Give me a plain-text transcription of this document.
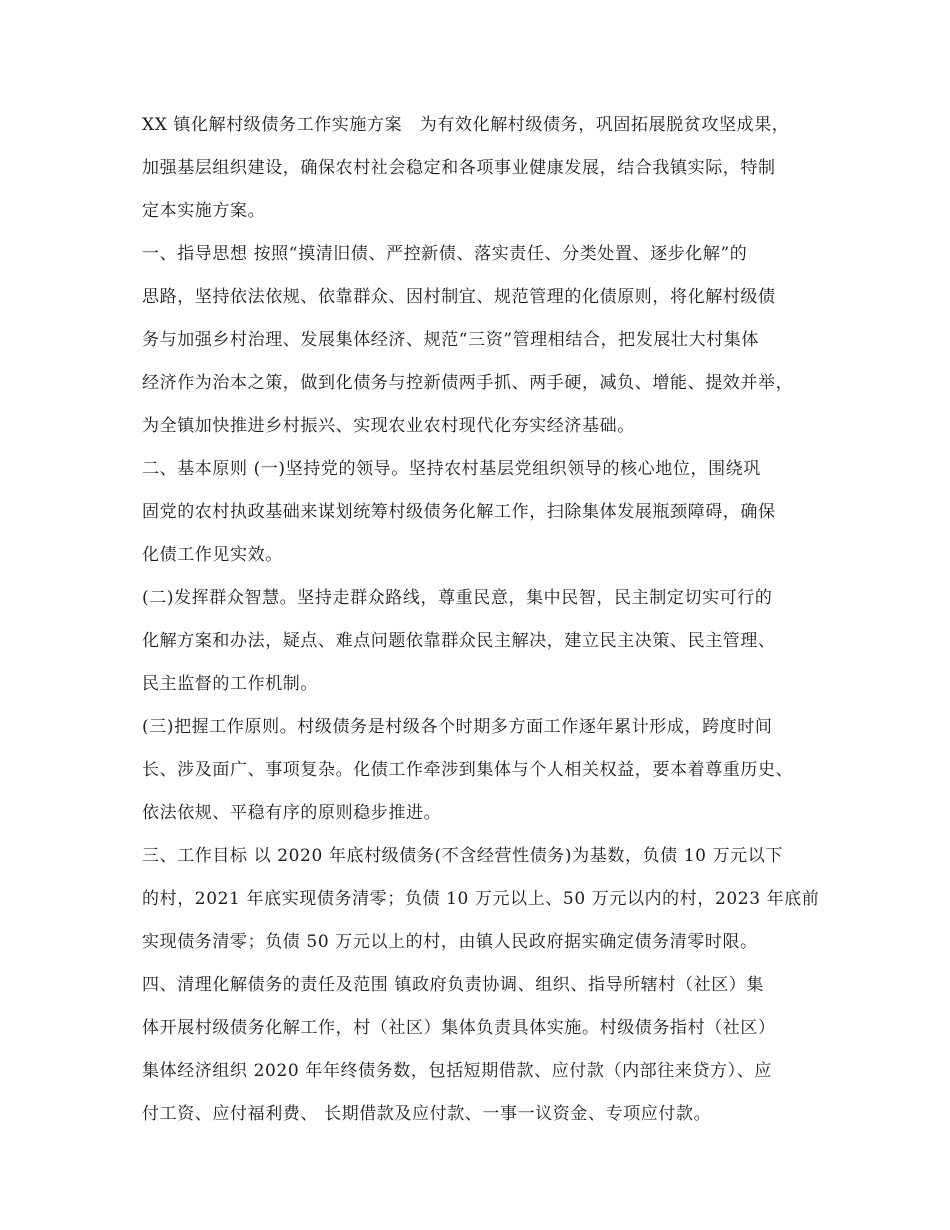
XX 镇化解村级债务工作实施方案　为有效化解村级债务，巩固拓展脱贫攻坚成果，
加强基层组织建设，确保农村社会稳定和各项事业健康发展，结合我镇实际，特制
定本实施方案。
一、指导思想 按照“摸清旧债、严控新债、落实责任、分类处置、逐步化解”的
思路，坚持依法依规、依靠群众、因村制宜、规范管理的化债原则，将化解村级债
务与加强乡村治理、发展集体经济、规范“三资”管理相结合，把发展壮大村集体
经济作为治本之策，做到化债务与控新债两手抓、两手硬，减负、增能、提效并举，
为全镇加快推进乡村振兴、实现农业农村现代化夯实经济基础。
二、基本原则 (一)坚持党的领导。坚持农村基层党组织领导的核心地位，围绕巩
固党的农村执政基础来谋划统筹村级债务化解工作，扫除集体发展瓶颈障碍，确保
化债工作见实效。
(二)发挥群众智慧。坚持走群众路线，尊重民意，集中民智，民主制定切实可行的
化解方案和办法，疑点、难点问题依靠群众民主解决，建立民主决策、民主管理、
民主监督的工作机制。
(三)把握工作原则。村级债务是村级各个时期多方面工作逐年累计形成，跨度时间
长、涉及面广、事项复杂。化债工作牵涉到集体与个人相关权益，要本着尊重历史、
依法依规、平稳有序的原则稳步推进。
三、工作目标 以 2020 年底村级债务(不含经营性债务)为基数，负债 10 万元以下
的村，2021 年底实现债务清零；负债 10 万元以上、50 万元以内的村，2023 年底前
实现债务清零；负债 50 万元以上的村，由镇人民政府据实确定债务清零时限。
四、清理化解债务的责任及范围 镇政府负责协调、组织、指导所辖村（社区）集
体开展村级债务化解工作，村（社区）集体负责具体实施。村级债务指村（社区）
集体经济组织 2020 年年终债务数，包括短期借款、应付款（内部往来贷方）、应
付工资、应付福利费、 长期借款及应付款、一事一议资金、专项应付款。
